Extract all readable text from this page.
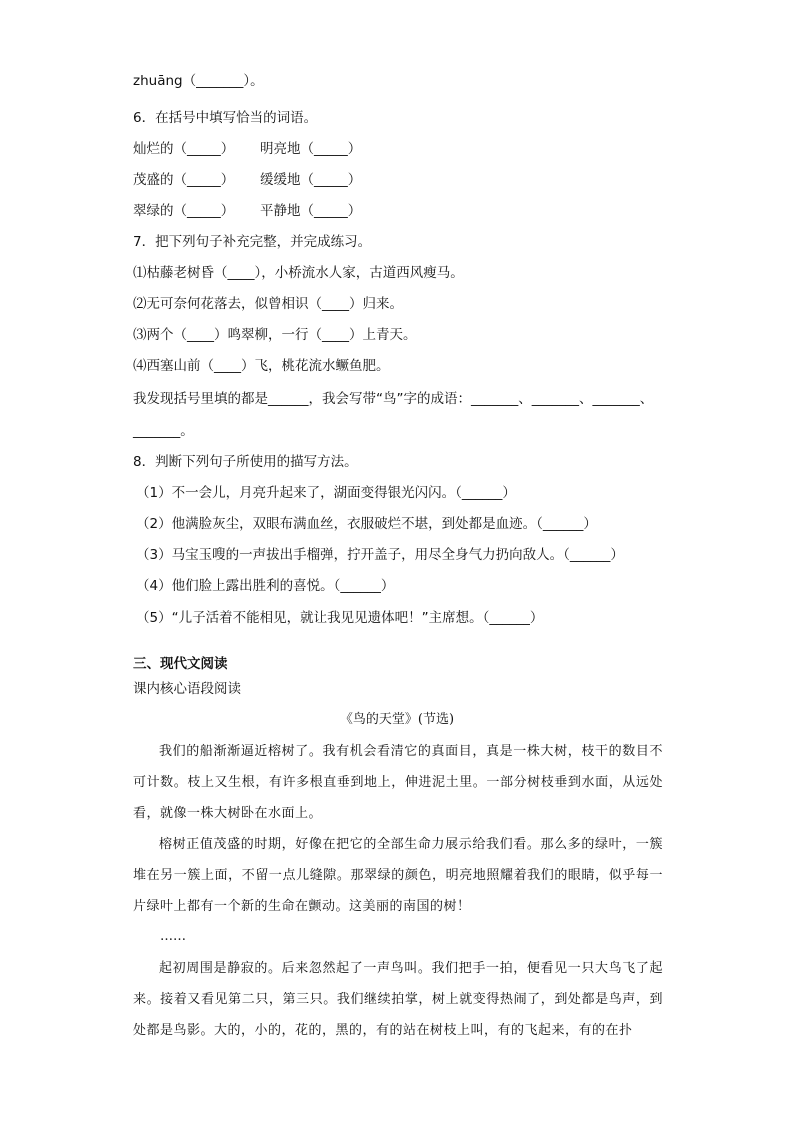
zhuāng（_______）。
6．在括号中填写恰当的词语。
灿烂的（_____） 明亮地（_____）
茂盛的（_____） 缓缓地（_____）
翠绿的（_____） 平静地（_____）
7．把下列句子补充完整，并完成练习。
⑴枯藤老树昏（____），小桥流水人家，古道西风瘦马。
⑵无可奈何花落去，似曾相识（____）归来。
⑶两个（____）鸣翠柳，一行（____）上青天。
⑷西塞山前（____）飞，桃花流水鳜鱼肥。
我发现括号里填的都是______，我会写带“鸟”字的成语：_______、_______、_______、
_______。
8．判断下列句子所使用的描写方法。
（1）不一会儿，月亮升起来了，湖面变得银光闪闪。（______）
（2）他满脸灰尘，双眼布满血丝，衣服破烂不堪，到处都是血迹。（______）
（3）马宝玉嗖的一声拔出手榴弹，拧开盖子，用尽全身气力扔向敌人。（______）
（4）他们脸上露出胜利的喜悦。（______）
（5）“儿子活着不能相见，就让我见见遗体吧！”主席想。（______）
三、现代文阅读
课内核心语段阅读
《鸟的天堂》(节选)
我们的船渐渐逼近榕树了。我有机会看清它的真面目，真是一株大树，枝干的数目不可计数。枝上又生根，有许多根直垂到地上，伸进泥土里。一部分树枝垂到水面，从远处看，就像一株大树卧在水面上。
榕树正值茂盛的时期，好像在把它的全部生命力展示给我们看。那么多的绿叶，一簇堆在另一簇上面，不留一点儿缝隙。那翠绿的颜色，明亮地照耀着我们的眼睛，似乎每一片绿叶上都有一个新的生命在颤动。这美丽的南国的树！
……
起初周围是静寂的。后来忽然起了一声鸟叫。我们把手一拍，便看见一只大鸟飞了起来。接着又看见第二只，第三只。我们继续拍掌，树上就变得热闹了，到处都是鸟声，到处都是鸟影。大的，小的，花的，黑的，有的站在树枝上叫，有的飞起来，有的在扑
